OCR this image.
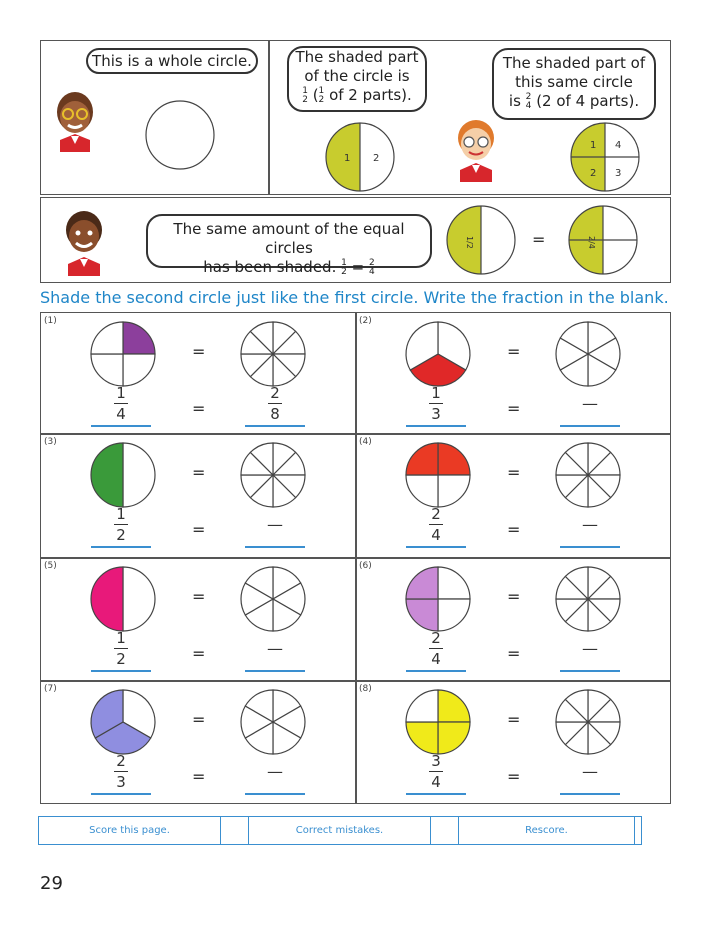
This is a whole circle.	The shaded part
of the circle is
1
2 (1
2 of 2 parts).
1 2
The shaded part of
this same circle
is 2
4 (2 of 4 parts).
1 4
2 3
The same amount of the equal circles
has been shaded. 1
2 = 2
4
1/2	=	2/4
Shade the second circle just like the first circle. Write the fraction in the blank.
(1)
=
1
4	=
2
8
(2)
=
1
3	=	—
(3)
=
1
2	=	—
(4)
=
2
4	=	—
(5)
=
1
2	=	—
(6)
=
2
4	=	—
(7)
=
2
3	=	—
(8)
=
3
4	=	—
Score this page.	Correct mistakes.	Rescore.
29
